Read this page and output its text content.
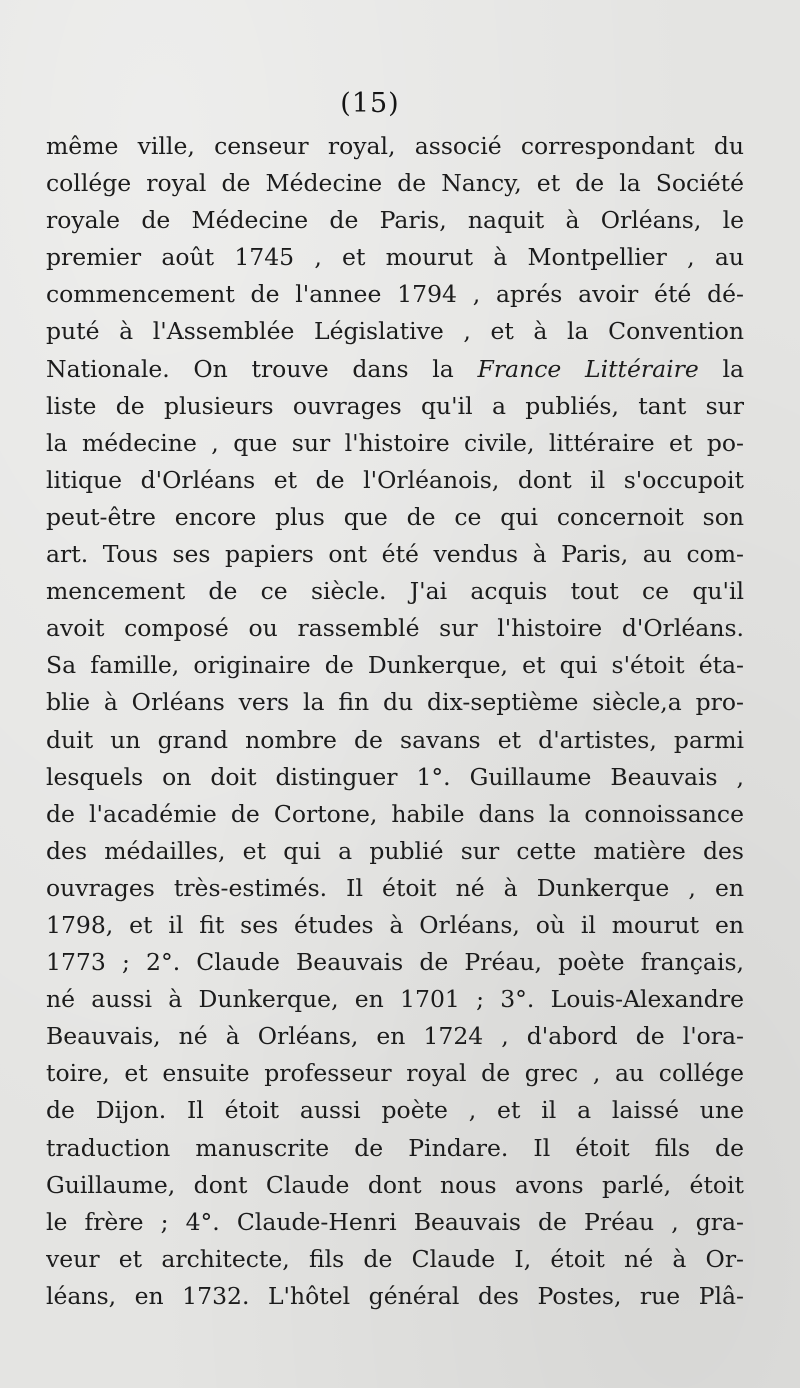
(15)
même ville, censeur royal, associé correspondant du
collége royal de Médecine de Nancy, et de la Société
royale de Médecine de Paris, naquit à Orléans, le
premier août 1745 , et mourut à Montpellier , au
commencement de l'annee 1794 , aprés avoir été dé-
puté à l'Assemblée Législative , et à la Convention
Nationale. On trouve dans la France Littéraire la
liste de plusieurs ouvrages qu'il a publiés, tant sur
la médecine , que sur l'histoire civile, littéraire et po-
litique d'Orléans et de l'Orléanois, dont il s'occupoit
peut-être encore plus que de ce qui concernoit son
art. Tous ses papiers ont été vendus à Paris, au com-
mencement de ce siècle. J'ai acquis tout ce qu'il
avoit composé ou rassemblé sur l'histoire d'Orléans.
Sa famille, originaire de Dunkerque, et qui s'étoit éta-
blie à Orléans vers la fin du dix-septième siècle,a pro-
duit un grand nombre de savans et d'artistes, parmi
lesquels on doit distinguer 1°. Guillaume Beauvais ,
de l'académie de Cortone, habile dans la connoissance
des médailles, et qui a publié sur cette matière des
ouvrages très-estimés. Il étoit né à Dunkerque , en
1798, et il fit ses études à Orléans, où il mourut en
1773 ; 2°. Claude Beauvais de Préau, poète français,
né aussi à Dunkerque, en 1701 ; 3°. Louis-Alexandre
Beauvais, né à Orléans, en 1724 , d'abord de l'ora-
toire, et ensuite professeur royal de grec , au collége
de Dijon. Il étoit aussi poète , et il a laissé une
traduction manuscrite de Pindare. Il étoit fils de
Guillaume, dont Claude dont nous avons parlé, étoit
le frère ; 4°. Claude-Henri Beauvais de Préau , gra-
veur et architecte, fils de Claude I, étoit né à Or-
léans, en 1732. L'hôtel général des Postes, rue Plâ-
